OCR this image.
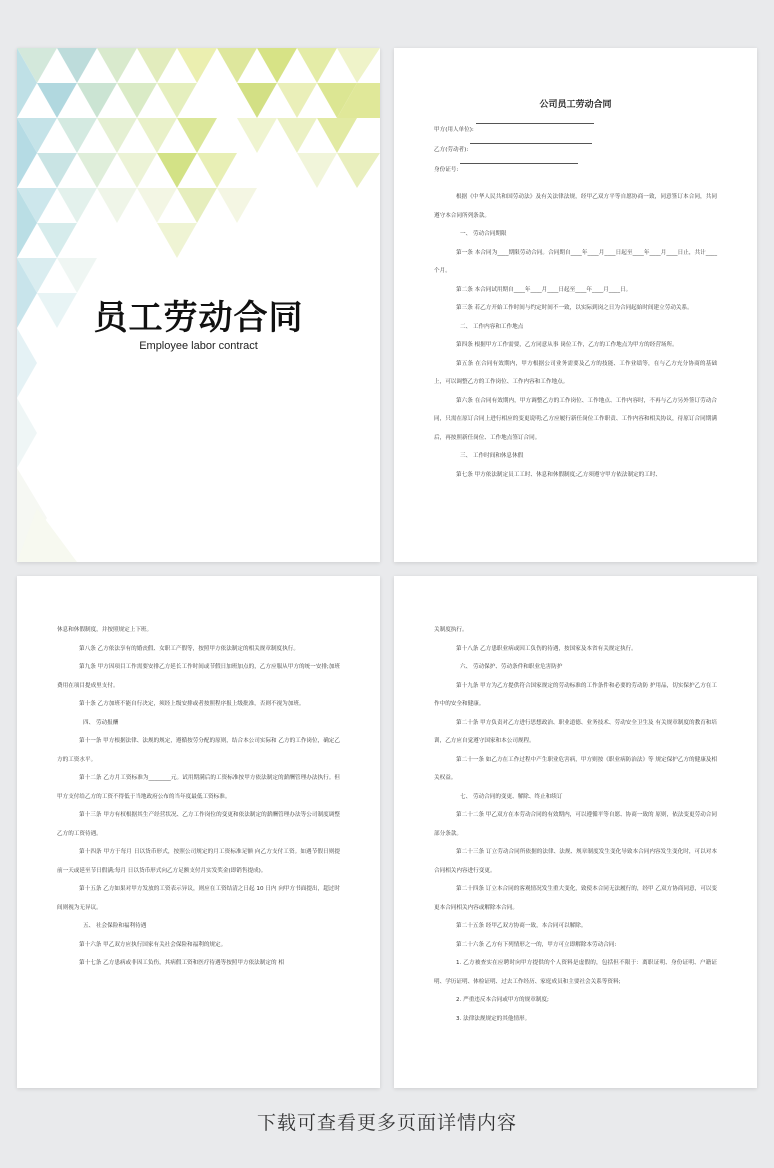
员工劳动合同
Employee labor contract
公司员工劳动合同
甲方(用人单位):
乙方(劳动者):
身份证号:

根据《中华人民共和国劳动法》及有关法律法规，经甲乙双方平等自愿协商一致，同意签订本合同，共同遵守本合同所列条款。

一、 劳动合同期限

第一条 本合同为____期限劳动合同。合同期自____年____月____日起至____年____月____日止，共计____个月。

第二条 本合同试用期自____年____月____日起至____年____月____日。

第三条 若乙方开始工作时间与约定时间不一致，以实际到岗之日为合同起始时间建立劳动关系。

二、 工作内容和工作地点

第四条 根据甲方工作需要，乙方同意从事 岗位工作，乙方的工作地点为甲方的经营场所。

第五条 在合同有效期内，甲方根据公司业务需要及乙方的技能、工作业绩等，在与乙方充分协商的基础上，可以调整乙方的工作岗位、工作内容和工作地点。

第六条 在合同有效期内，甲方调整乙方的工作岗位、工作地点、工作内容时，不再与乙方另外签订劳动合同，只需在原订合同上进行相应的变更说明;乙方应履行新任岗位工作职责、工作内容和相关协议，待原订合同期满后，再按照新任岗位、工作地点签订合同。

三、 工作时间和休息休假

第七条 甲方依法制定员工工时、休息和休假制度;乙方须遵守甲方依法制定的工时、

休息和休假制度，并按照规定上下班。

第八条 乙方依法享有的婚丧假、女职工产假等，按照甲方依法制定的相关规章制度执行。

第九条 甲方因项目工作需要安排乙方延长工作时间或节假日加班加点的，乙方应服从甲方的统一安排;加班费用在项目提成里支付。

第十条 乙方加班不能自行决定，须经上级安排或者按照程序报上级批准，否则不视为加班。

四、 劳动报酬

第十一条 甲方根据法律、法规的规定，遵循按劳分配的原则，结合本公司实际和 乙方的工作岗位，确定乙方的工资水平。

第十二条 乙方月工资标准为________元。试用期满后的工资标准按甲方依法制定的薪酬管理办法执行。但甲方支付给乙方的工资不得低于当地政府公布的当年度最低工资标准。

第十三条 甲方有权根据其生产经营状况、乙方工作岗位的变更和依法制定的薪酬管理办法等公司制度调整乙方的工资待遇。

第十四条 甲方于每月 日以货币形式，按照公司规定的月工资标准足额 向乙方支付工资。如遇节假日则提前一天或延至节日假满;每月 日以货币形式向乙方足额支付月实发奖金(即销售提成)。

第十五条 乙方如果对甲方发放的工资表示异议，则应在工资结清之日起 10 日内 向甲方书面提出，超过时间则视为无异议。

五、 社会保险和福利待遇

第十六条 甲乙双方应执行国家有关社会保险和福利的规定。

第十七条 乙方患病或非因工负伤，其病假工资和医疗待遇等按照甲方依法制定的 相

关制度执行。

第十八条 乙方患职业病或因工负伤的待遇，按国家及本省有关规定执行。

六、 劳动保护、劳动条件和职业危害防护

第十九条 甲方为乙方提供符合国家规定的劳动标准的工作条件和必要的劳动防 护用品，切实保护乙方在工作中的安全和健康。

第二十条 甲方负责对乙方进行思想政治、职业道德、业务技术、劳动安全卫生及 有关规章制度的教育和培训，乙方应自觉遵守国家和本公司规程。

第二十一条 如乙方在工作过程中产生职业危害病，甲方则按《职业病防治法》等 规定保护乙方的健康及相关权益。

七、 劳动合同的变更、解除、终止和续订

第二十二条 甲乙双方在本劳动合同的有效期内，可以遵循平等自愿、协商一致的 原则，依法变更劳动合同部分条款。

第二十三条 订立劳动合同所依据的法律、法规、规章制度发生变化导致本合同内容发生变化时，可以对本合同相关内容进行变更。

第二十四条 订立本合同的客观情况发生重大变化，致使本合同无法履行的，经甲 乙双方协商同意，可以变更本合同相关内容或解除本合同。

第二十五条 经甲乙双方协商一致，本合同可以解除。

第二十六条 乙方有下列情形之一的，甲方可立即解除本劳动合同:

1. 乙方被查实在应聘时向甲方提供的个人资料是虚假的，包括但不限于：离职证明、身份证明、户籍证明、学历证明、体检证明、过去工作经历、家庭成员和主要社会关系等资料;

2. 严重违反本合同或甲方的规章制度;

3. 法律法规规定的其他情形。

下载可查看更多页面详情内容
